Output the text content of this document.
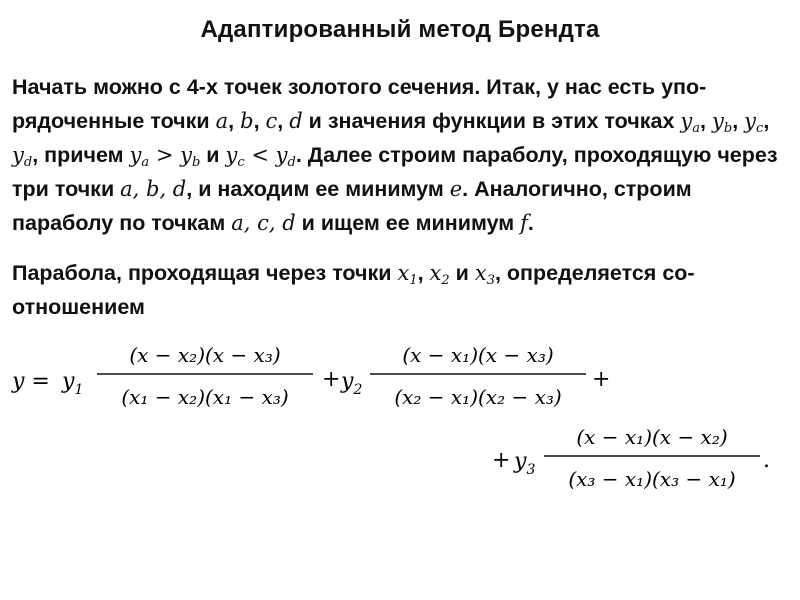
Адаптированный метод Брендта

Начать можно с 4-х точек золотого сечения. Итак, у нас есть упо-рядоченные точки a, b, c, d и значения функции в этих точках $y_a$, $y_b$, $y_c$, $y_d$, причем $y_a > y_b$ и $y_c < y_d$. Далее строим параболу, проходящую через три точки a, b, d, и находим ее минимум e. Аналогично, строим параболу по точкам a, c, d и ищем ее минимум f.

Парабола, проходящая через точки $x_1$, $x_2$ и $x_3$, определяется со-отношением

$y = y_1$
(x − x₂)(x − x₃)
(x₁ − x₂)(x₁ − x₃)
+ $y_2$
(x − x₁)(x − x₃)
(x₂ − x₁)(x₂ − x₃)
+
+ $y_3$
(x − x₁)(x − x₂)
(x₃ − x₁)(x₃ − x₁)
.
